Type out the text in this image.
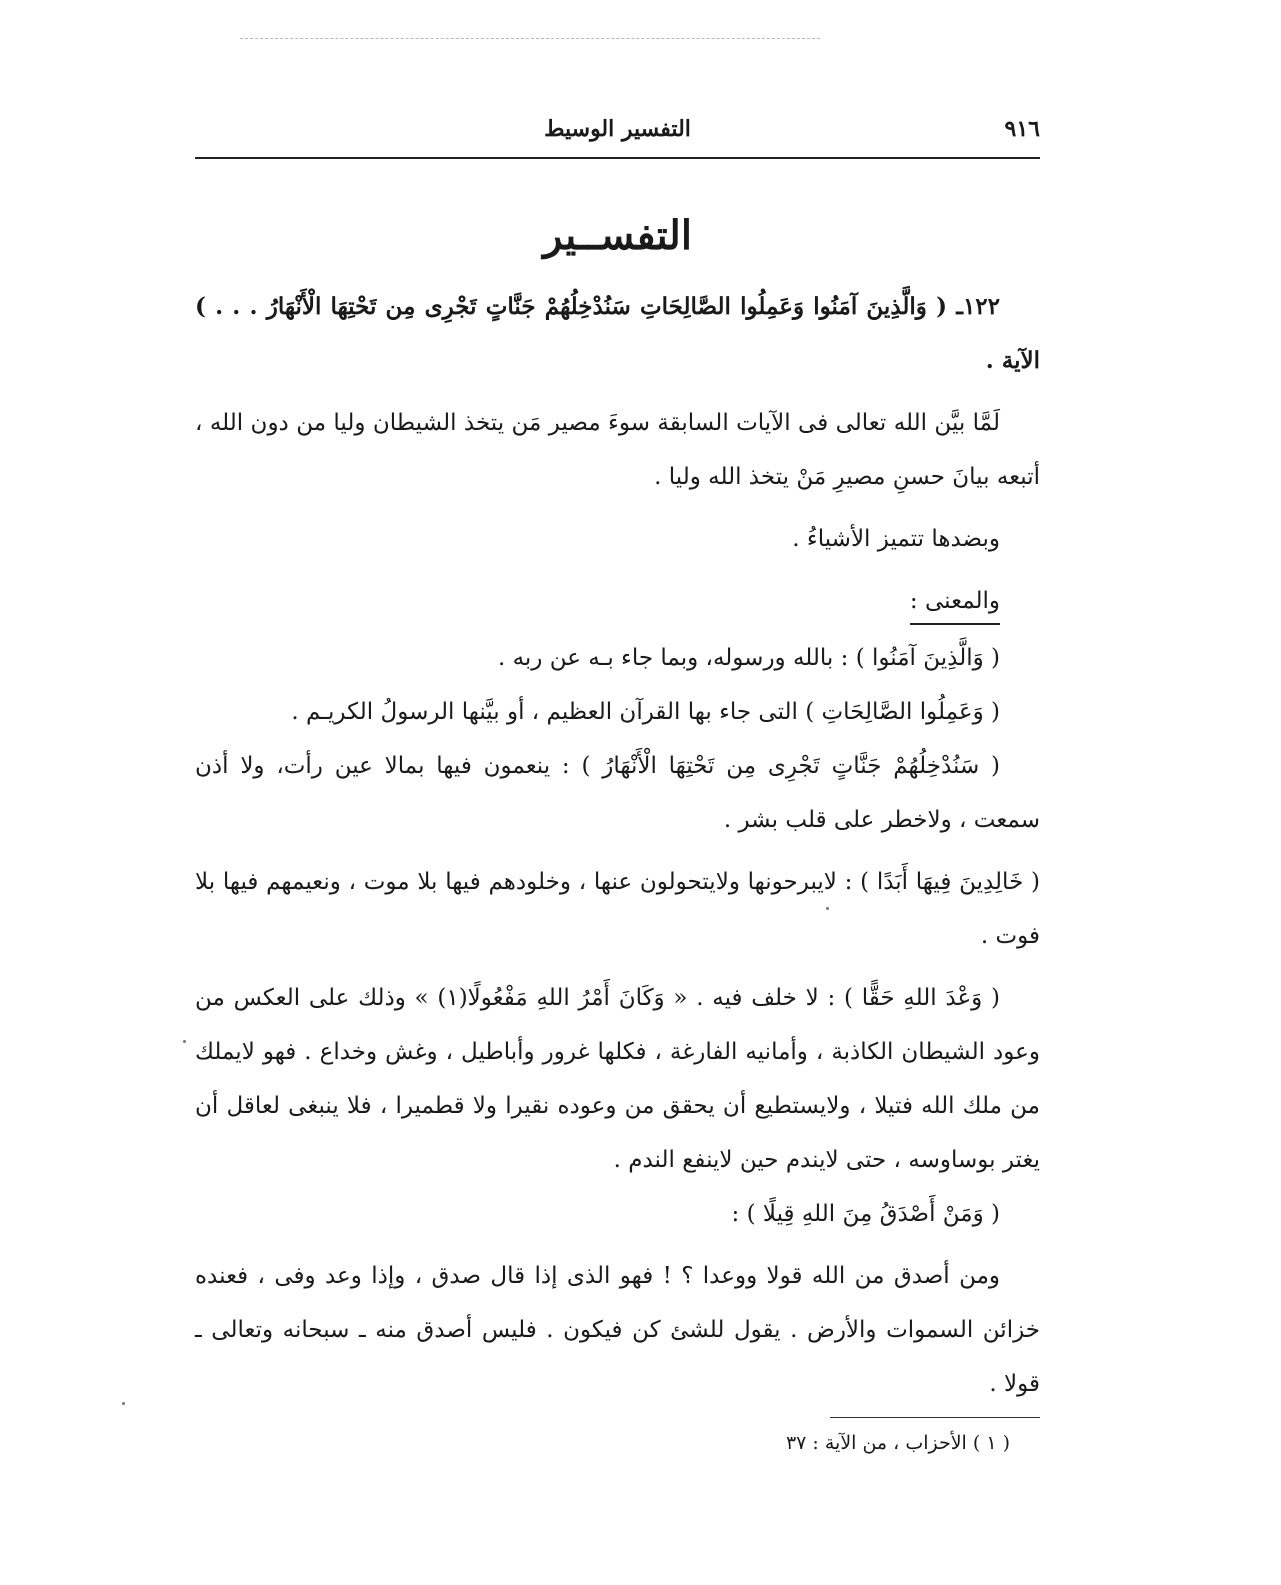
٩١٦
التفسير الوسيط
التفســير

١٢٢ـ ( وَالَّذِينَ آمَنُوا وَعَمِلُوا الصَّالِحَاتِ سَنُدْخِلُهُمْ جَنَّاتٍ تَجْرِى مِن تَحْتِهَا الْأَنْهَارُ . . . ) الآية .

لَمَّا بيَّن الله تعالى فى الآيات السابقة سوءَ مصير مَن يتخذ الشيطان وليا من دون الله ، أتبعه بيانَ حسنِ مصيرِ مَنْ يتخذ الله وليا .

وبضدها تتميز الأشياءُ .

والمعنى :

( وَالَّذِينَ آمَنُوا ) : بالله ورسوله، وبما جاء بـه عن ربه .

( وَعَمِلُوا الصَّالِحَاتِ ) التى جاء بها القرآن العظيم ، أو بيَّنها الرسولُ الكريـم .

( سَنُدْخِلُهُمْ جَنَّاتٍ تَجْرِى مِن تَحْتِهَا الْأَنْهَارُ ) : ينعمون فيها بمالا عين رأت، ولا أذن سمعت ، ولاخطر على قلب بشر .

( خَالِدِينَ فِيهَا أَبَدًا ) : لايبرحونها ولايتحولون عنها ، وخلودهم فيها بلا موت ، ونعيمهم فيها بلا فوت .

( وَعْدَ اللهِ حَقًّا ) : لا خلف فيه . « وَكَانَ أَمْرُ اللهِ مَفْعُولًا(١) » وذلك على العكس من وعود الشيطان الكاذبة ، وأمانيه الفارغة ، فكلها غرور وأباطيل ، وغش وخداع . فهو لايملك من ملك الله فتيلا ، ولايستطيع أن يحقق من وعوده نقيرا ولا قطميرا ، فلا ينبغى لعاقل أن يغتر بوساوسه ، حتى لايندم حين لاينفع الندم .

( وَمَنْ أَصْدَقُ مِنَ اللهِ قِيلًا ) :

ومن أصدق من الله قولا ووعدا ؟ ! فهو الذى إذا قال صدق ، وإذا وعد وفى ، فعنده خزائن السموات والأرض . يقول للشئ كن فيكون . فليس أصدق منه ـ سبحانه وتعالى ـ قولا .

( ١ ) الأحزاب ، من الآية : ٣٧
